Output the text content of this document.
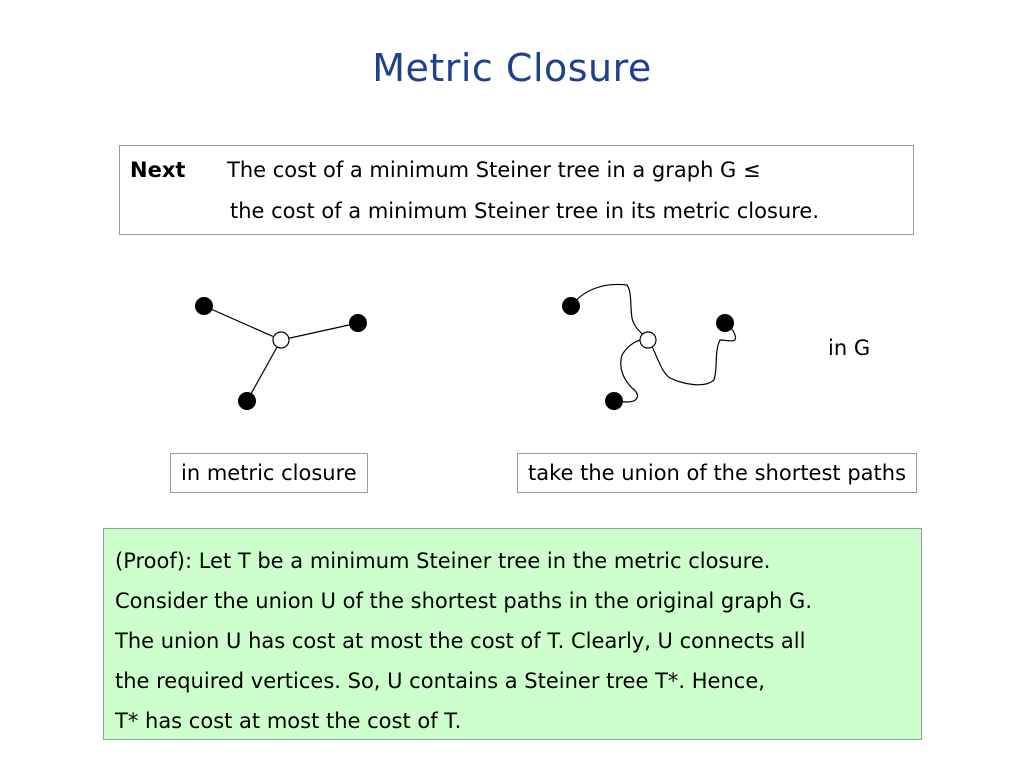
Metric Closure
Next The cost of a minimum Steiner tree in a graph G ≤
the cost of a minimum Steiner tree in its metric closure.
in G
in metric closure	take the union of the shortest paths
(Proof): Let T be a minimum Steiner tree in the metric closure.
Consider the union U of the shortest paths in the original graph G.
The union U has cost at most the cost of T. Clearly, U connects all
the required vertices. So, U contains a Steiner tree T*. Hence,
T* has cost at most the cost of T.
